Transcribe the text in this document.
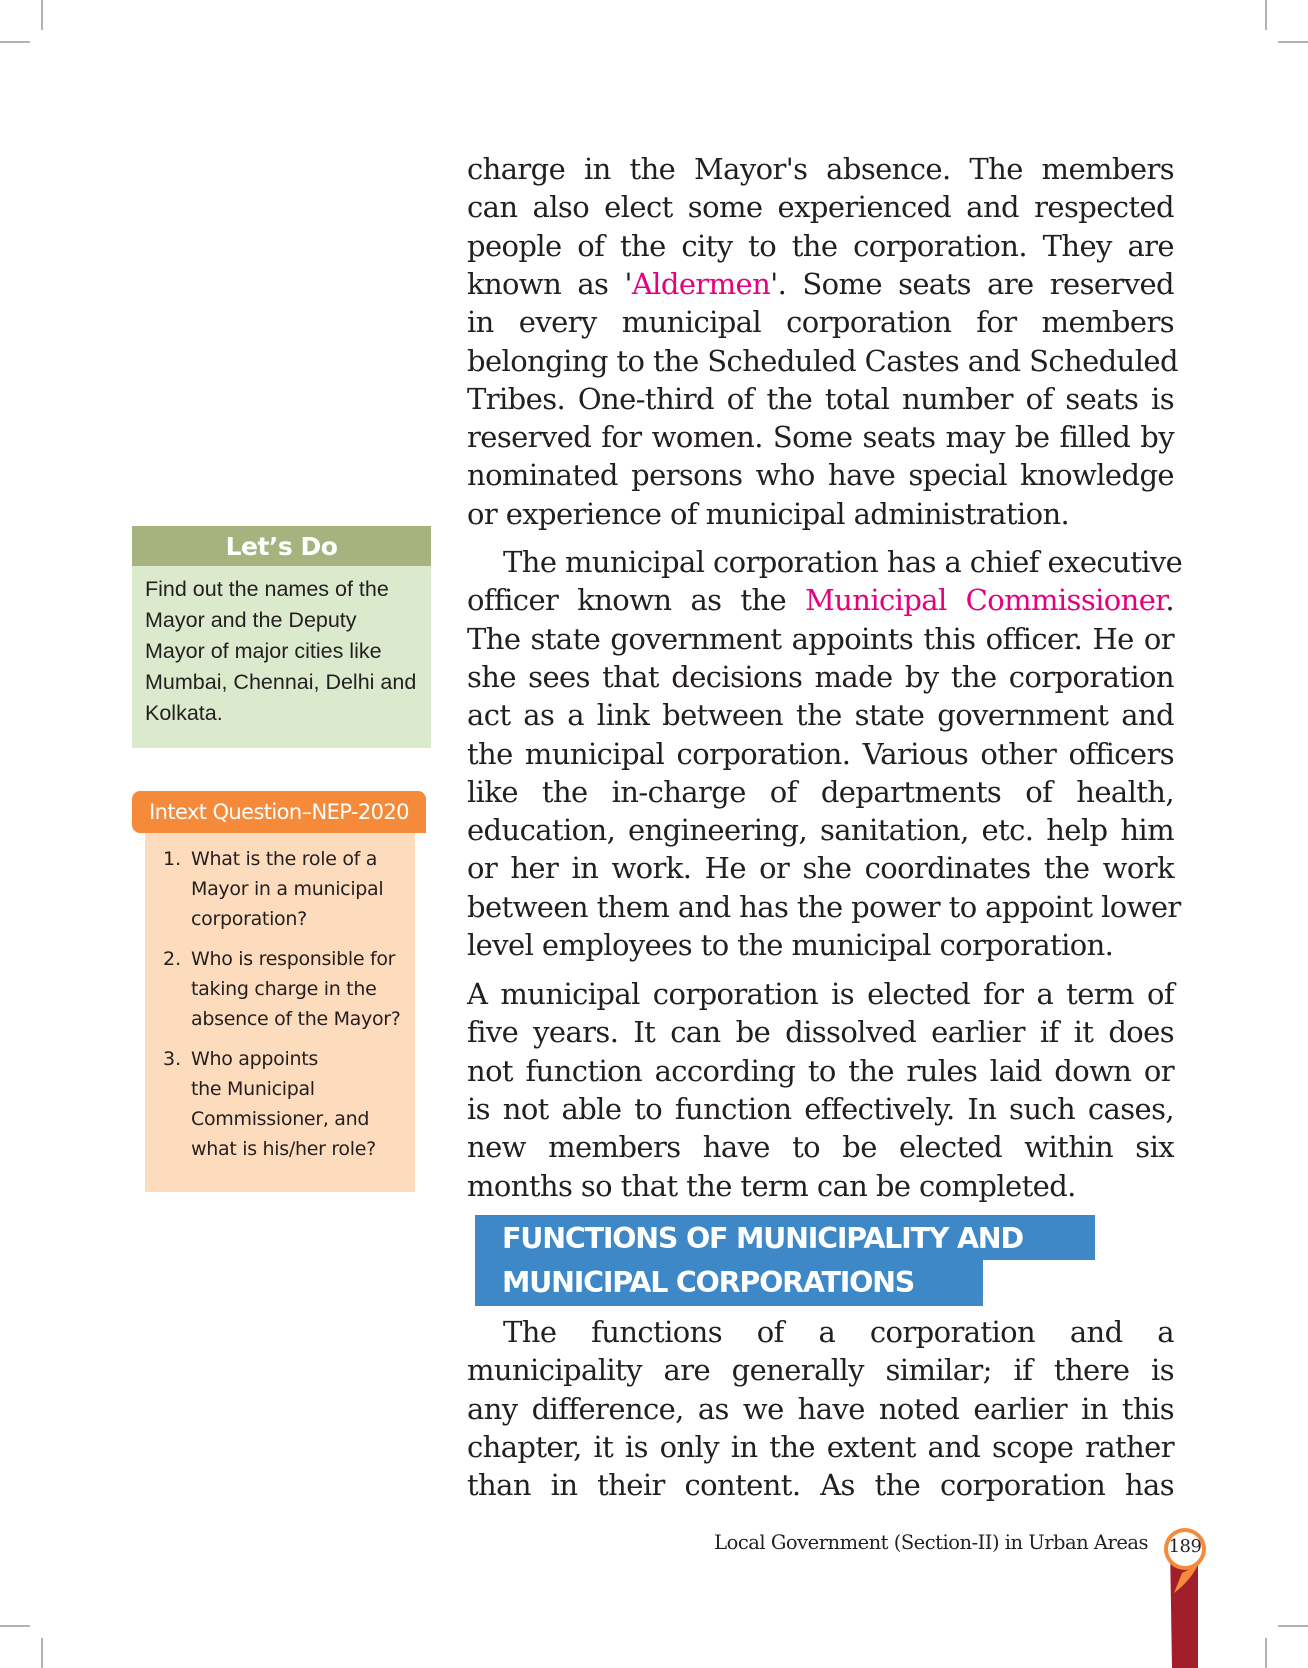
charge in the Mayor's absence. The members
can also elect some experienced and respected
people of the city to the corporation. They are
known as 'Aldermen'. Some seats are reserved
in every municipal corporation for members
belonging to the Scheduled Castes and Scheduled
Tribes. One-third of the total number of seats is
reserved for women. Some seats may be filled by
nominated persons who have special knowledge
or experience of municipal administration.
The municipal corporation has a chief executive
officer known as the Municipal Commissioner.
The state government appoints this officer. He or
she sees that decisions made by the corporation
act as a link between the state government and
the municipal corporation. Various other officers
like the in-charge of departments of health,
education, engineering, sanitation, etc. help him
or her in work. He or she coordinates the work
between them and has the power to appoint lower
level employees to the municipal corporation.
A municipal corporation is elected for a term of
five years. It can be dissolved earlier if it does
not function according to the rules laid down or
is not able to function effectively. In such cases,
new members have to be elected within six
months so that the term can be completed.
The functions of a corporation and a
municipality are generally similar; if there is
any difference, as we have noted earlier in this
chapter, it is only in the extent and scope rather
than in their content. As the corporation has
FUNCTIONS OF MUNICIPALITY AND
MUNICIPAL CORPORATIONS
Let’s Do
Find out the names of the
Mayor and the Deputy
Mayor of major cities like
Mumbai, Chennai, Delhi and
Kolkata.
Intext Question–NEP-2020
1. What is the role of a
Mayor in a municipal
corporation?
2. Who is responsible for
taking charge in the
absence of the Mayor?
3. Who appoints
the Municipal
Commissioner, and
what is his/her role?
Local Government (Section-II) in Urban Areas	189
